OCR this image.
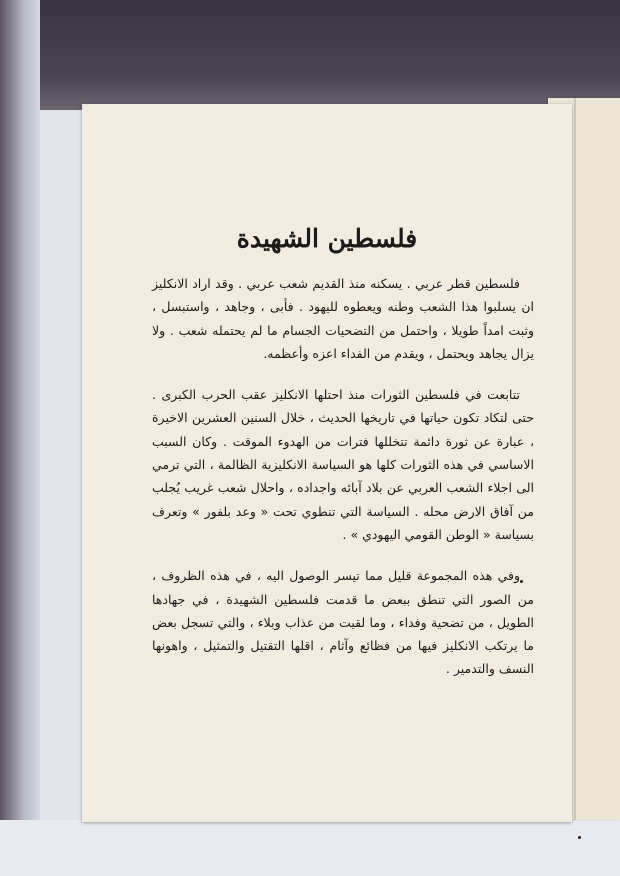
فلسطين الشهيدة

فلسطين قطر عربي . يسكنه منذ القديم شعب عربي . وقد اراد الانكليز ان يسلبوا هذا الشعب وطنه ويعطوه لليهود . فأبى ، وجاهد ، واستبسل ، وثبت امداً طويلا ، واحتمل من التضحيات الجسام ما لم يحتمله شعب . ولا يزال يجاهد ويحتمل ، ويقدم من الفداء اعزه وأعظمه.

تتابعت في فلسطين الثورات منذ احتلها الانكليز عقب الحرب الكبرى . حتى لتكاد تكون حياتها في تاريخها الحديث ، خلال السنين العشرين الاخيرة ، عبارة عن ثورة دائمة تتخللها فترات من الهدوء الموقت . وكان السبب الاساسي في هذه الثورات كلها هو السياسة الانكليزية الظالمة ، التي ترمي الى اجلاء الشعب العربي عن بلاد آبائه واجداده ، واحلال شعب غريب يُجلب من آفاق الارض محله . السياسة التي تنطوي تحت « وعد بلفور » وتعرف بسياسة « الوطن القومي اليهودي » .

وفي هذه المجموعة قليل مما تيسر الوصول اليه ، في هذه الظروف ، من الصور التي تنطق ببعض ما قدمت فلسطين الشهيدة ، في جهادها الطويل ، من تضحية وفداء ، وما لقيت من عذاب وبلاء ، والتي تسجل بعض ما يرتكب الانكليز فيها من فظائع وآثام ، اقلها التقتيل والتمثيل ، واهونها النسف والتدمير .
